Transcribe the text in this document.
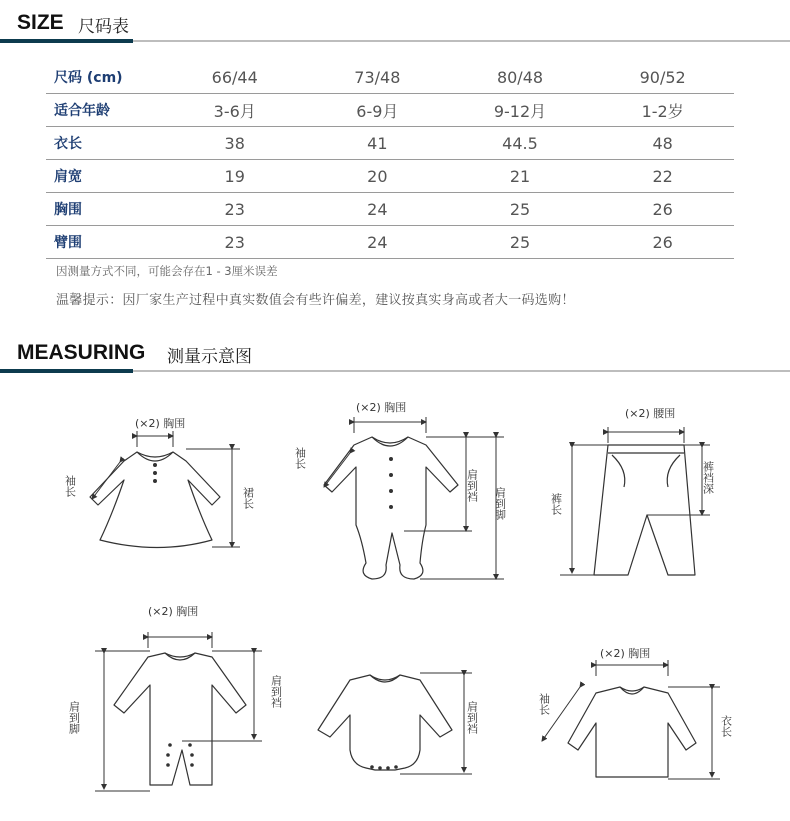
SIZE 尺码表
尺码 (cm)	66/44	73/48	80/48	90/52
适合年龄	3-6月	6-9月	9-12月	1-2岁
衣长	38	41	44.5	48
肩宽	19	20	21	22
胸围	23	24	25	26
臂围	23	24	25	26
因测量方式不同，可能会存在1 - 3厘米误差
温馨提示：因厂家生产过程中真实数值会有些许偏差，建议按真实身高或者大一码选购！
MEASURING 测量示意图
(×2) 胸围
袖长
裙长
(×2) 胸围
袖长
肩到裆
肩到脚
(×2) 腰围
裤长
裤裆深
(×2) 胸围
肩到脚
肩到裆
肩到裆
(×2) 胸围
袖长
衣长
